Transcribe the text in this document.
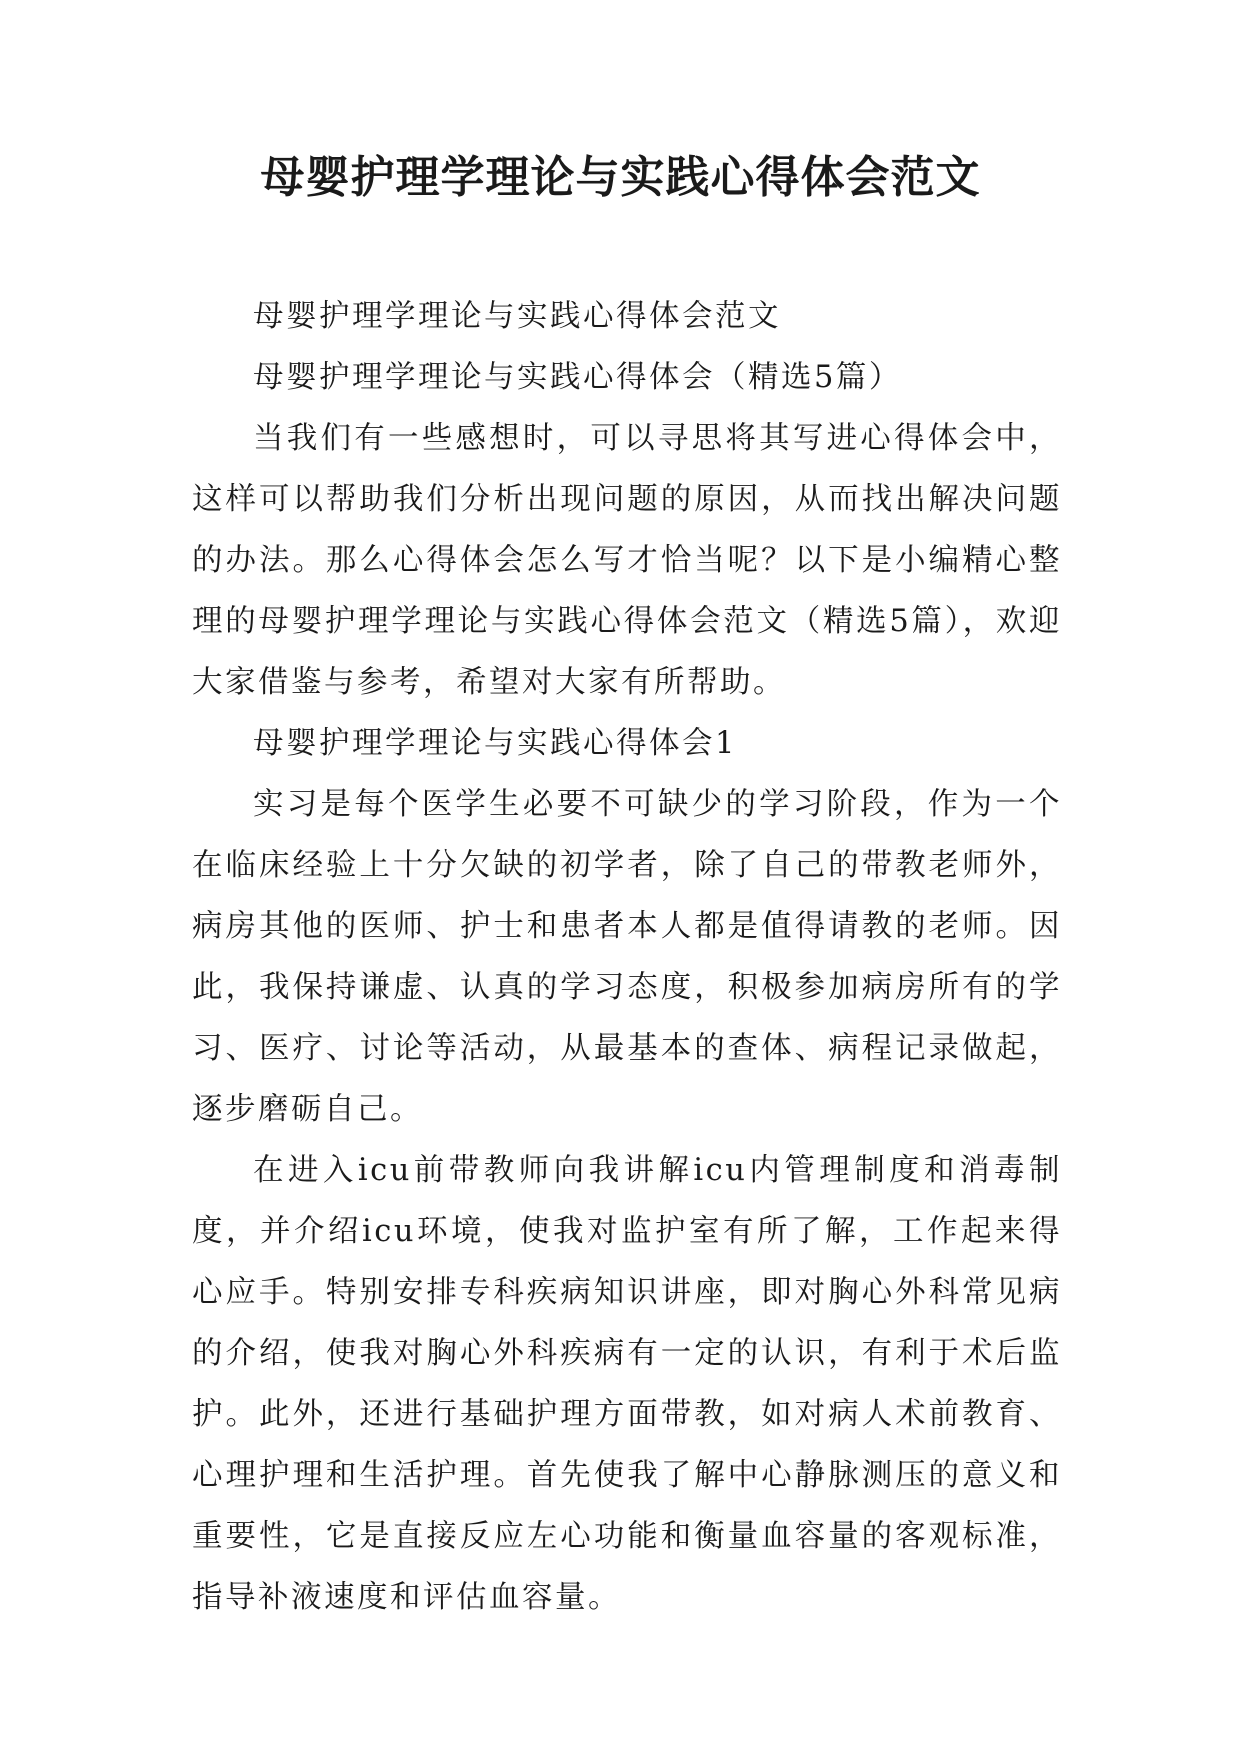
母婴护理学理论与实践心得体会范文

母婴护理学理论与实践心得体会范文

母婴护理学理论与实践心得体会（精选5篇）

当我们有一些感想时，可以寻思将其写进心得体会中，这样可以帮助我们分析出现问题的原因，从而找出解决问题的办法。那么心得体会怎么写才恰当呢？以下是小编精心整理的母婴护理学理论与实践心得体会范文（精选5篇），欢迎大家借鉴与参考，希望对大家有所帮助。

母婴护理学理论与实践心得体会1

实习是每个医学生必要不可缺少的学习阶段，作为一个在临床经验上十分欠缺的初学者，除了自己的带教老师外，病房其他的医师、护士和患者本人都是值得请教的老师。因此，我保持谦虚、认真的学习态度，积极参加病房所有的学习、医疗、讨论等活动，从最基本的查体、病程记录做起，逐步磨砺自己。

在进入icu前带教师向我讲解icu内管理制度和消毒制度，并介绍icu环境，使我对监护室有所了解，工作起来得心应手。特别安排专科疾病知识讲座，即对胸心外科常见病的介绍，使我对胸心外科疾病有一定的认识，有利于术后监护。此外，还进行基础护理方面带教，如对病人术前教育、心理护理和生活护理。首先使我了解中心静脉测压的意义和重要性，它是直接反应左心功能和衡量血容量的客观标准，指导补液速度和评估血容量。
